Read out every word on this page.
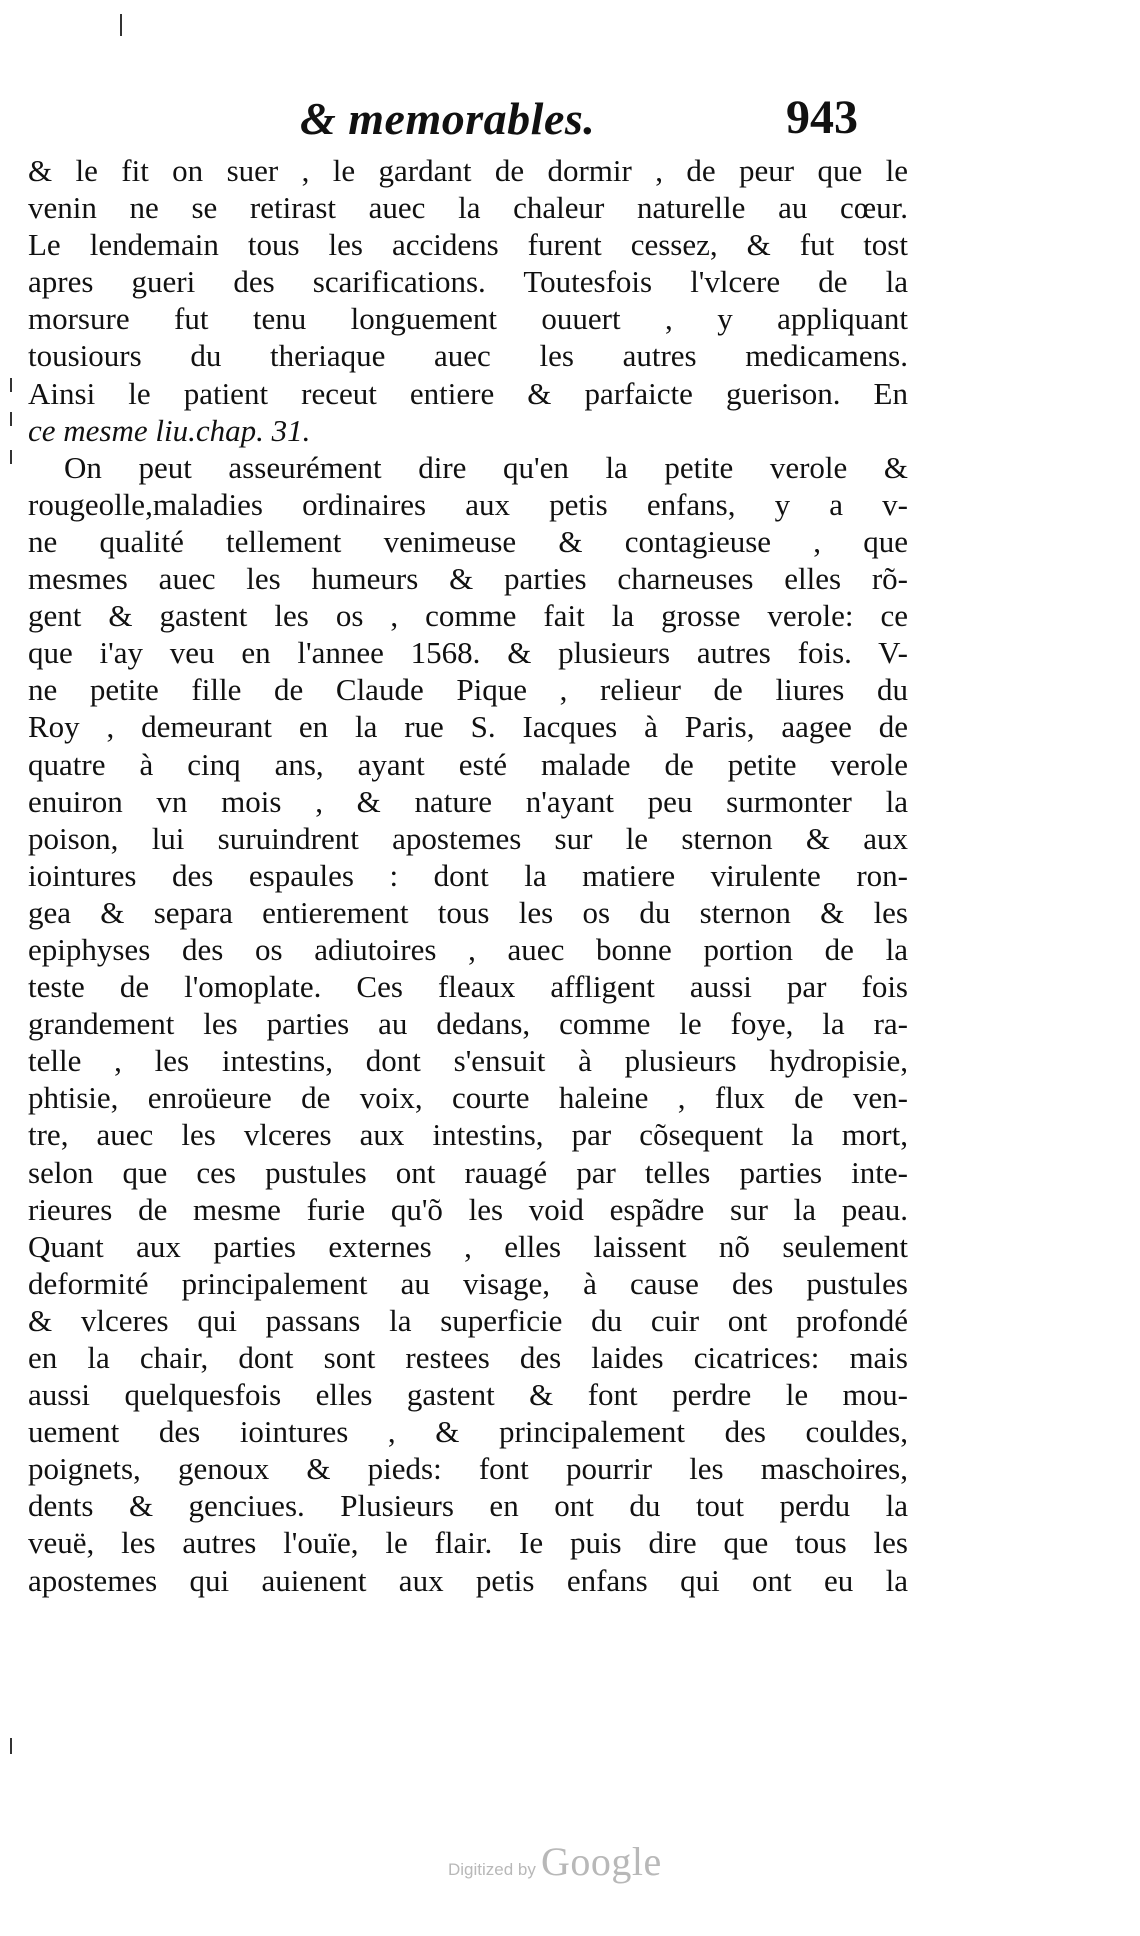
& memorables.	943
& le fit on suer , le gardant de dormir , de peur que le
venin ne se retirast auec la chaleur naturelle au cœur.
Le lendemain tous les accidens furent cessez, & fut tost
apres gueri des scarifications. Toutesfois l'vlcere de la
morsure fut tenu longuement ouuert , y appliquant
tousiours du theriaque auec les autres medicamens.
Ainsi le patient receut entiere & parfaicte guerison. En
ce mesme liu.chap. 31.
On peut asseurément dire qu'en la petite verole &
rougeolle,maladies ordinaires aux petis enfans, y a v-
ne qualité tellement venimeuse & contagieuse , que
mesmes auec les humeurs & parties charneuses elles rõ-
gent & gastent les os , comme fait la grosse verole: ce
que i'ay veu en l'annee 1568. & plusieurs autres fois. V-
ne petite fille de Claude Pique , relieur de liures du
Roy , demeurant en la rue S. Iacques à Paris, aagee de
quatre à cinq ans, ayant esté malade de petite verole
enuiron vn mois , & nature n'ayant peu surmonter la
poison, lui suruindrent apostemes sur le sternon & aux
iointures des espaules : dont la matiere virulente ron-
gea & separa entierement tous les os du sternon & les
epiphyses des os adiutoires , auec bonne portion de la
teste de l'omoplate. Ces fleaux affligent aussi par fois
grandement les parties au dedans, comme le foye, la ra-
telle , les intestins, dont s'ensuit à plusieurs hydropisie,
phtisie, enroüeure de voix, courte haleine , flux de ven-
tre, auec les vlceres aux intestins, par cõsequent la mort,
selon que ces pustules ont rauagé par telles parties inte-
rieures de mesme furie qu'õ les void espãdre sur la peau.
Quant aux parties externes , elles laissent nõ seulement
deformité principalement au visage, à cause des pustules
& vlceres qui passans la superficie du cuir ont profondé
en la chair, dont sont restees des laides cicatrices: mais
aussi quelquesfois elles gastent & font perdre le mou-
uement des iointures , & principalement des couldes,
poignets, genoux & pieds: font pourrir les maschoires,
dents & genciues. Plusieurs en ont du tout perdu la
veuë, les autres l'ouïe, le flair. Ie puis dire que tous les
apostemes qui auienent aux petis enfans qui ont eu la
Digitized by Google
